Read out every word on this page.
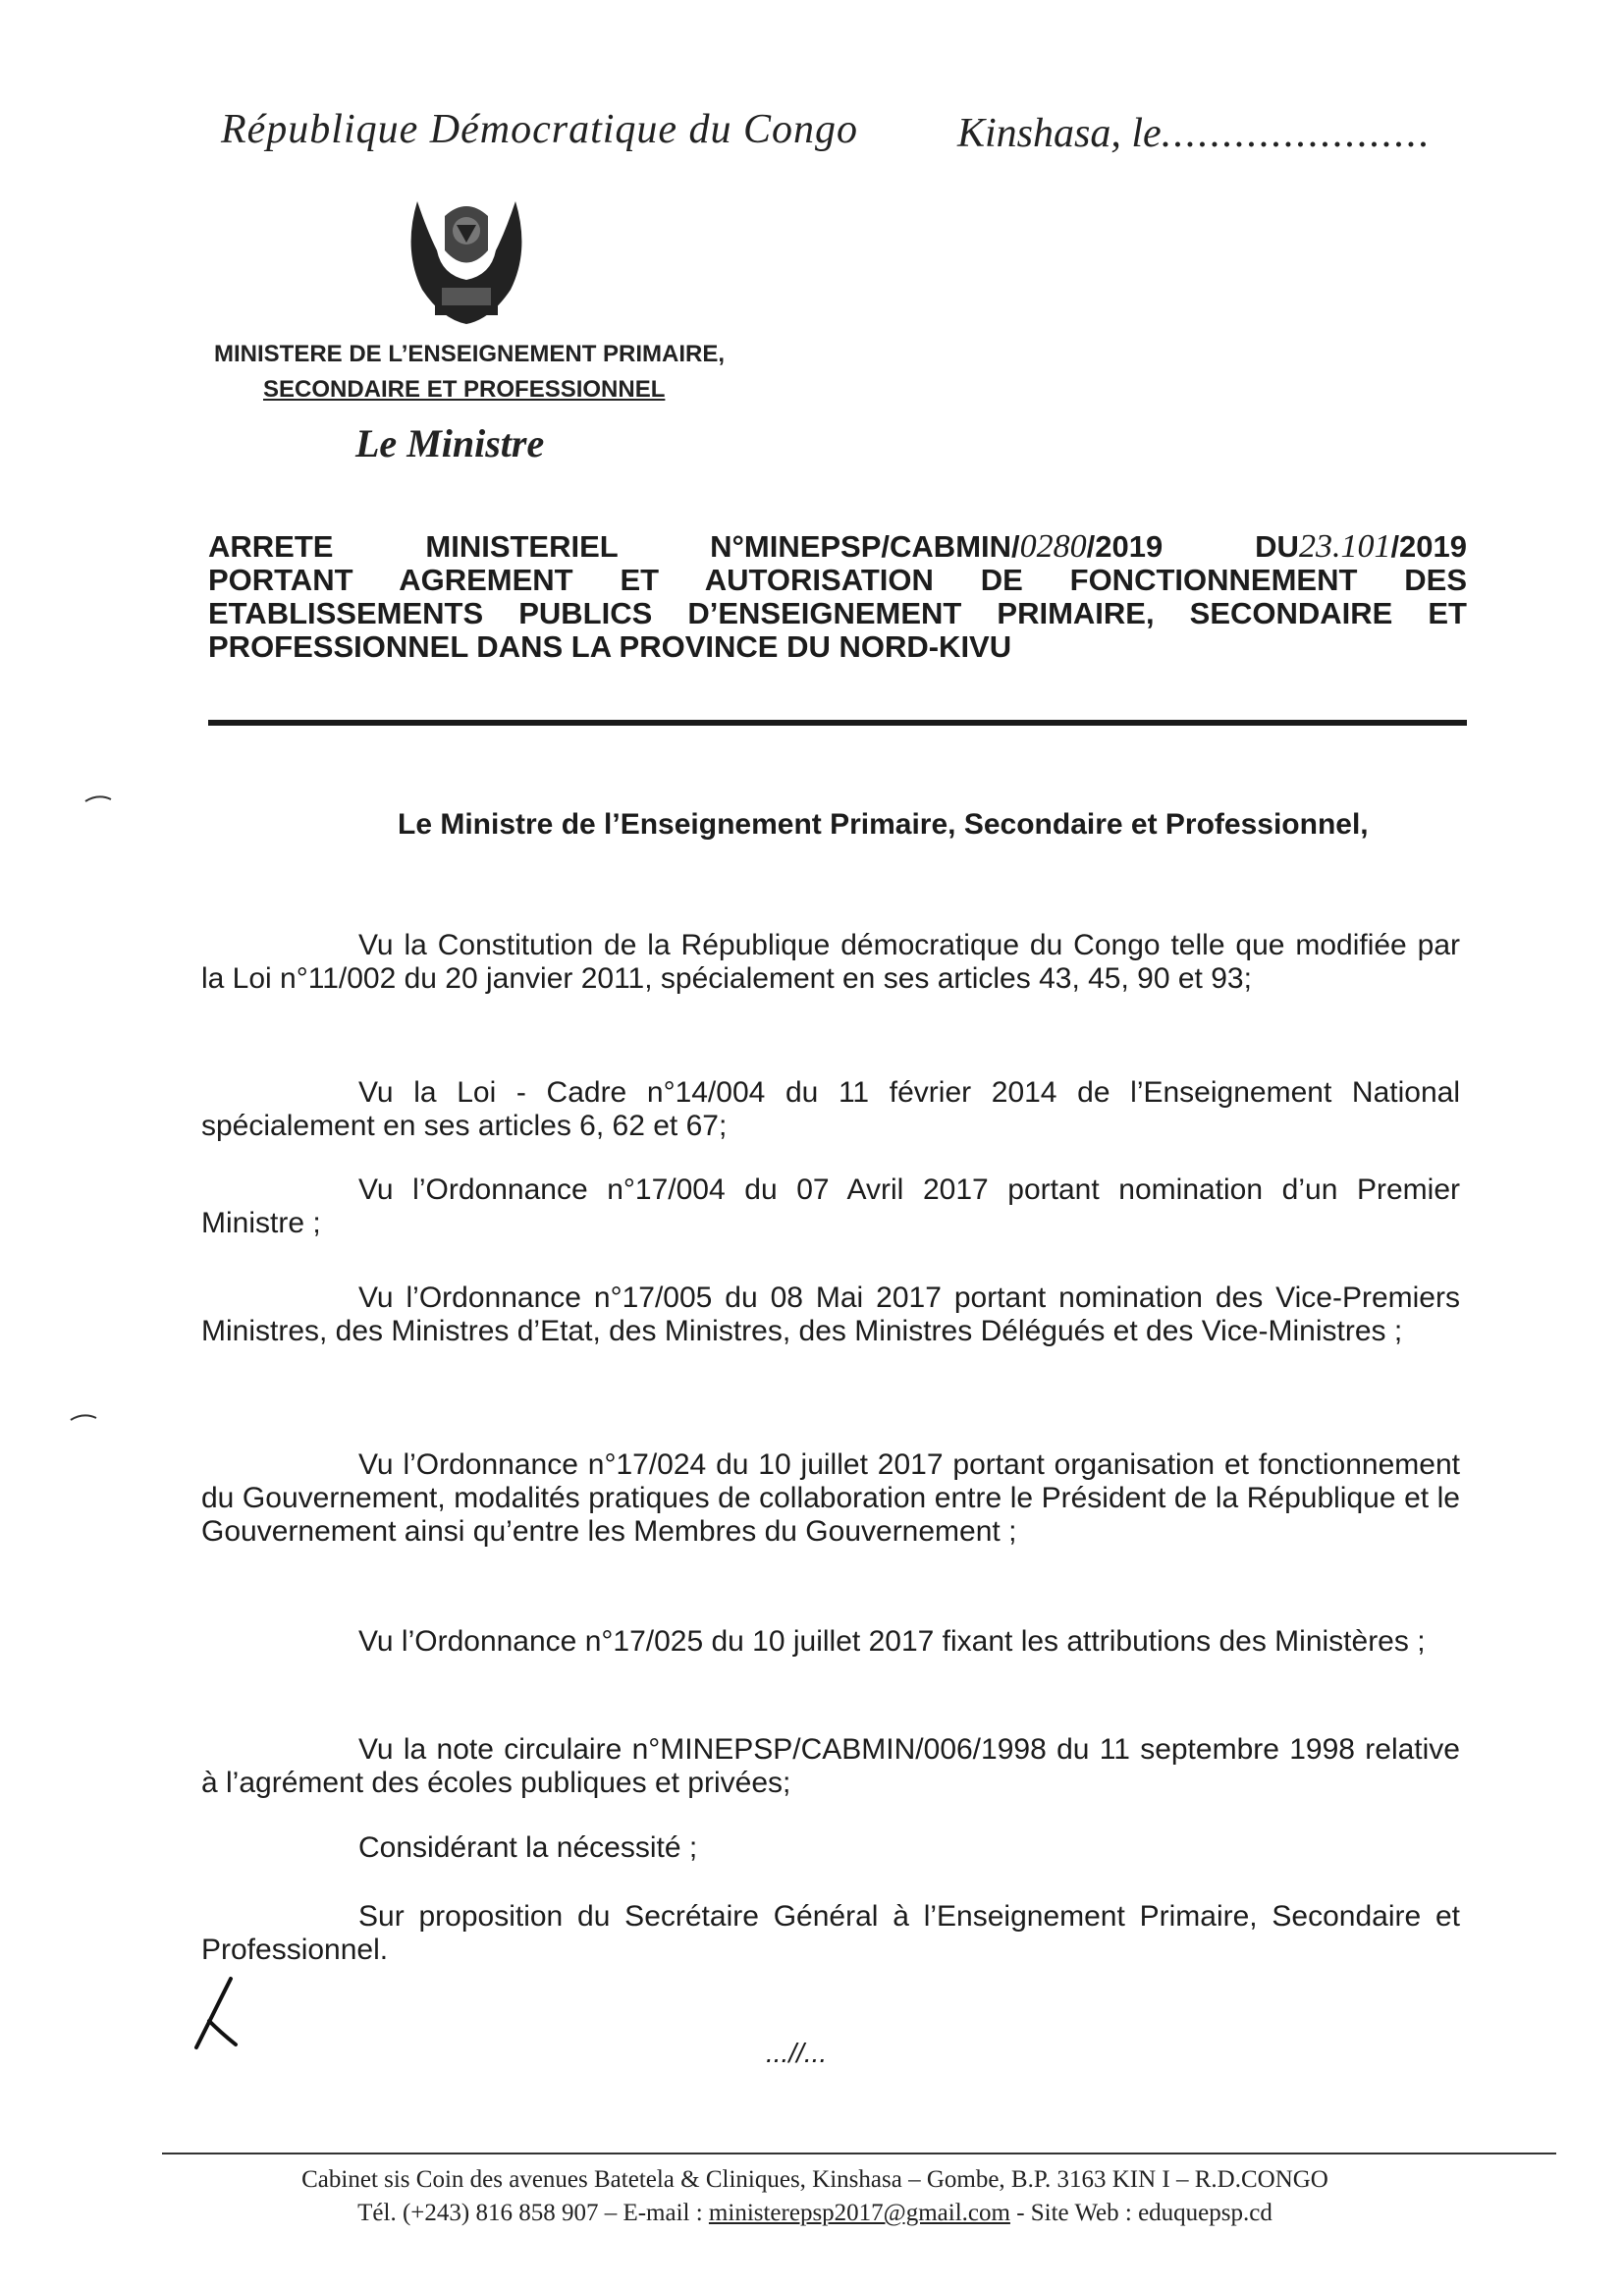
République Démocratique du Congo Kinshasa, le......................
MINISTERE DE L’ENSEIGNEMENT PRIMAIRE,
SECONDAIRE ET PROFESSIONNEL
Le Ministre
ARRETE MINISTERIEL N°MINEPSP/CABMIN/0280/2019 DU23.101/2019
PORTANT AGREMENT ET AUTORISATION DE FONCTIONNEMENT DES
ETABLISSEMENTS PUBLICS D’ENSEIGNEMENT PRIMAIRE, SECONDAIRE ET
PROFESSIONNEL DANS LA PROVINCE DU NORD-KIVU

Le Ministre de l’Enseignement Primaire, Secondaire et Professionnel,

Vu la Constitution de la République démocratique du Congo telle que modifiée par la Loi n°11/002 du 20 janvier 2011, spécialement en ses articles 43, 45, 90 et 93;

Vu la Loi - Cadre n°14/004 du 11 février 2014 de l’Enseignement National spécialement en ses articles 6, 62 et 67;

Vu l’Ordonnance n°17/004 du 07 Avril 2017 portant nomination d’un Premier Ministre ;

Vu l’Ordonnance n°17/005 du 08 Mai 2017 portant nomination des Vice-Premiers Ministres, des Ministres d’Etat, des Ministres, des Ministres Délégués et des Vice-Ministres ;

Vu l’Ordonnance n°17/024 du 10 juillet 2017 portant organisation et fonctionnement du Gouvernement, modalités pratiques de collaboration entre le Président de la République et le Gouvernement ainsi qu’entre les Membres du Gouvernement ;

Vu l’Ordonnance n°17/025 du 10 juillet 2017 fixant les attributions des Ministères ;

Vu la note circulaire n°MINEPSP/CABMIN/006/1998 du 11 septembre 1998 relative à l’agrément des écoles publiques et privées;

Considérant la nécessité ;

Sur proposition du Secrétaire Général à l’Enseignement Primaire, Secondaire et Professionnel.

...//...
Cabinet sis Coin des avenues Batetela & Cliniques, Kinshasa – Gombe, B.P. 3163 KIN I – R.D.CONGO
Tél. (+243) 816 858 907 – E-mail : ministerepsp2017@gmail.com - Site Web : eduquepsp.cd
